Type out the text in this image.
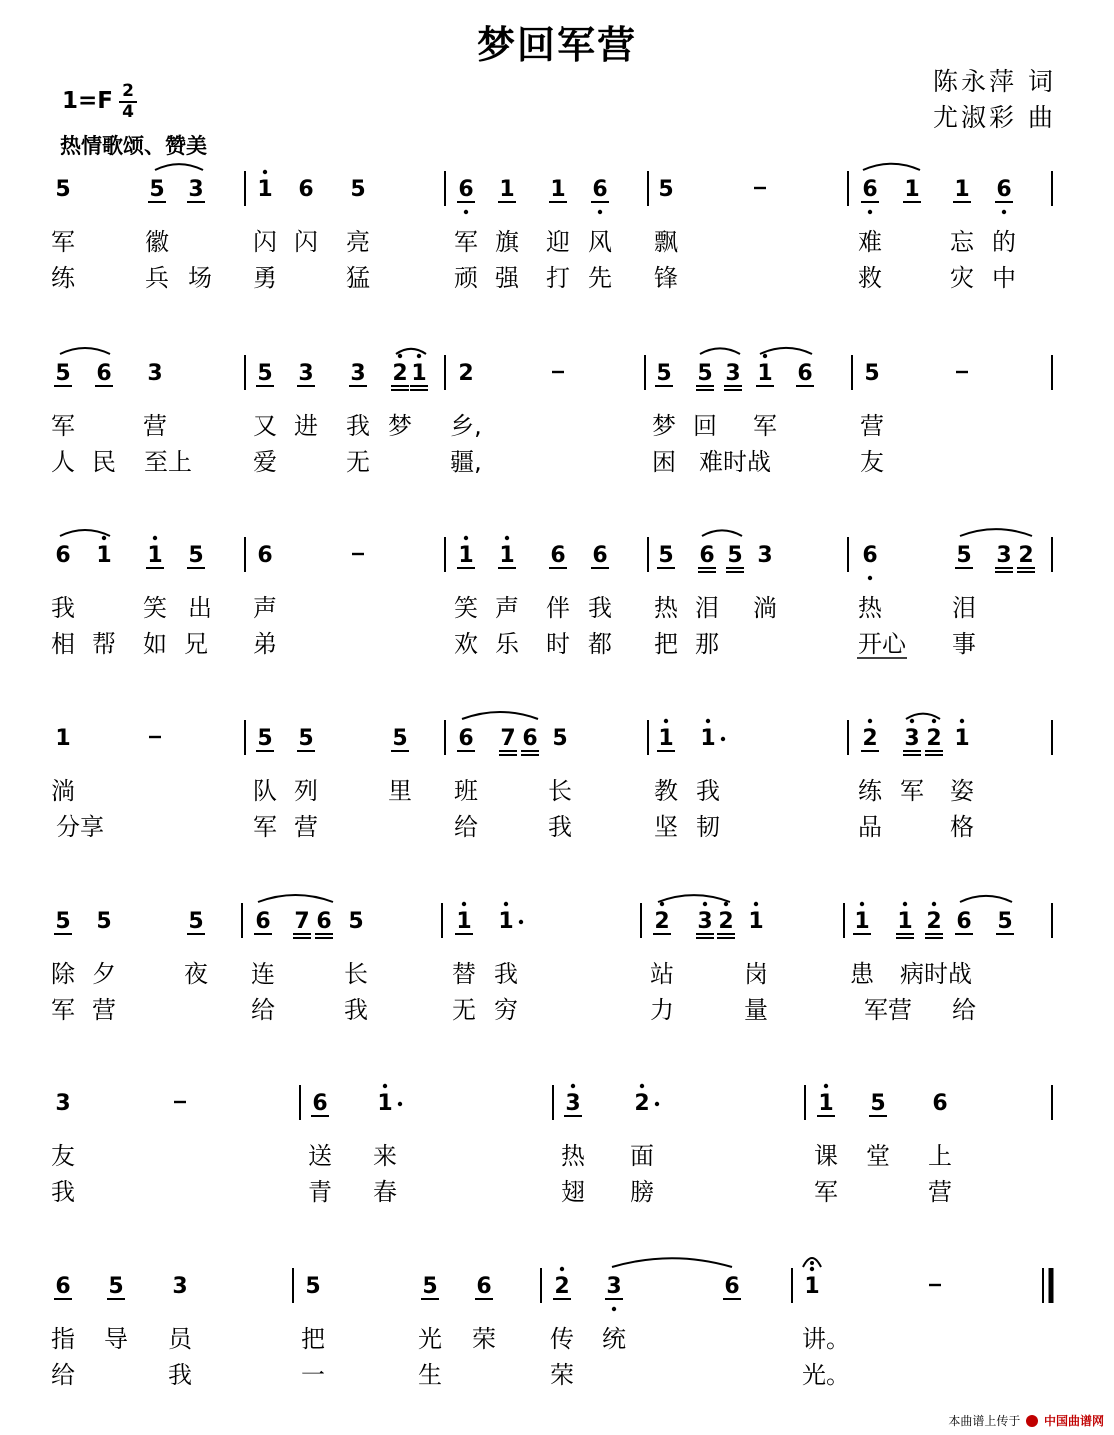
梦回军营
陈永萍 词
尤淑彩 曲
1=F 2
4
热情歌颂、赞美
5	5 3 1 6 5	6 1 1 6 5	6 1 1 6
军	徽	闪 闪 亮	军 旗 迎 风 飘	难	忘 的
练	兵 场 勇	猛	顽 强 打 先 锋	救	灾 中
5 6 3	5 3 3 2 1 2	5 5 3 1 6 5
军	营	又 进 我 梦 乡,	梦 回 军	营
人 民 至上	爱	无	疆,	困 难时战	友
6 1 1 5 6	1 1 6 6 5 6 5 3	6	5 3 2
我	笑 出 声	笑 声 伴 我 热 泪 淌	热	泪
相 帮 如 兄 弟	欢 乐 时 都 把 那	开心 事
1	5 5	5 6 7 6 5	1 1	2 3 2 1
淌	队 列	里 班	长	教 我	练 军 姿
分享	军 营	给	我	坚 韧	品	格
5 5	5 6 7 6 5	1 1	2 3 2 1	1 1 2 6 5
除 夕	夜 连	长	替 我	站	岗	患 病时战
军 营	给	我	无 穷	力	量	军营 给
3	6 1	3 2	1 5 6
友	送 来	热 面	课 堂 上
我	青 春	翅 膀	军	营
6 5 3	5	5 6	2 3	6	1
指 导 员	把	光 荣 传 统	讲。
给	我	一	生	荣	光。
本曲谱上传于 中国曲谱网
